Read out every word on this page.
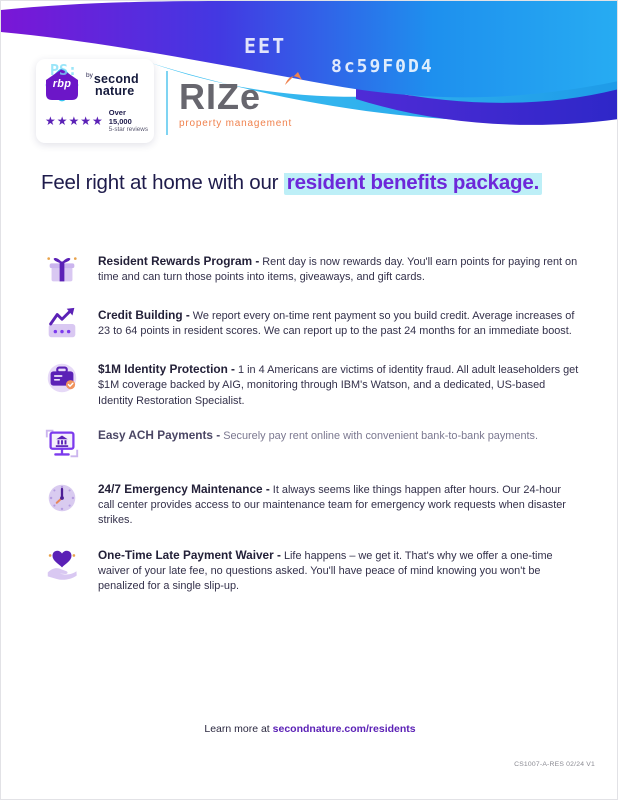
EET
8c59F0D4
PS:
rbp
by second
nature
★★★★★
Over 15,000
5-star reviews
RIZe
property management
Feel right at home with our resident benefits package.
Resident Rewards Program - Rent day is now rewards day. You'll earn points for paying rent on time and can turn those points into items, giveaways, and gift cards.
Credit Building - We report every on-time rent payment so you build credit. Average increases of 23 to 64 points in resident scores. We can report up to the past 24 months for an immediate boost.
$1M Identity Protection - 1 in 4 Americans are victims of identity fraud. All adult leaseholders get $1M coverage backed by AIG, monitoring through IBM's Watson, and a dedicated, US-based Identity Restoration Specialist.
Easy ACH Payments - Securely pay rent online with convenient bank-to-bank payments.
24/7 Emergency Maintenance - It always seems like things happen after hours. Our 24-hour call center provides access to our maintenance team for emergency work requests when disaster strikes.
One-Time Late Payment Waiver - Life happens – we get it. That's why we offer a one-time waiver of your late fee, no questions asked. You'll have peace of mind knowing you won't be penalized for a single slip-up.
Learn more at secondnature.com/residents
CS1007-A-RES 02/24 V1
